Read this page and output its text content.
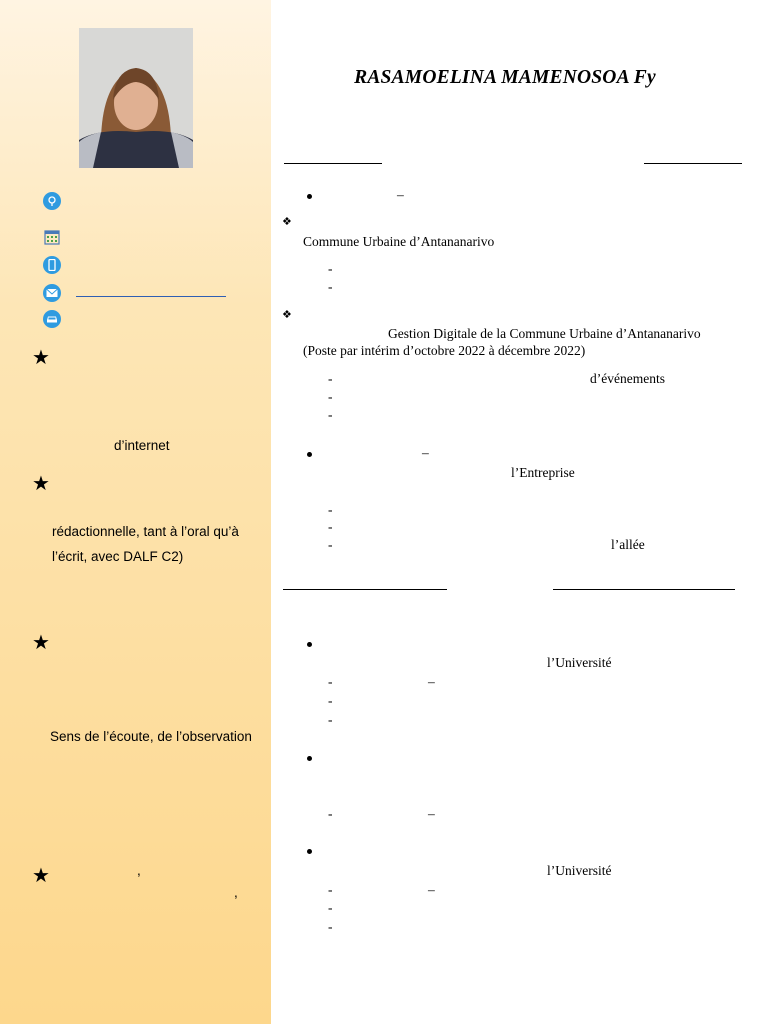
★
d’internet
★
rédactionnelle, tant à l’oral qu’à
l’écrit, avec DALF C2)
★
Sens de l’écoute, de l’observation
★	,
,
RASAMOELINA MAMENOSOA Fy
–
❖
Commune Urbaine d’Antananarivo
-
-
❖
Gestion Digitale de la Commune Urbaine d’Antananarivo
(Poste par intérim d’octobre 2022 à décembre 2022)
-	d’événements
-
-
–
l’Entreprise
-
-
-	l’allée
l’Université
-	–
-
-
-	–
l’Université
-	–
-
-
